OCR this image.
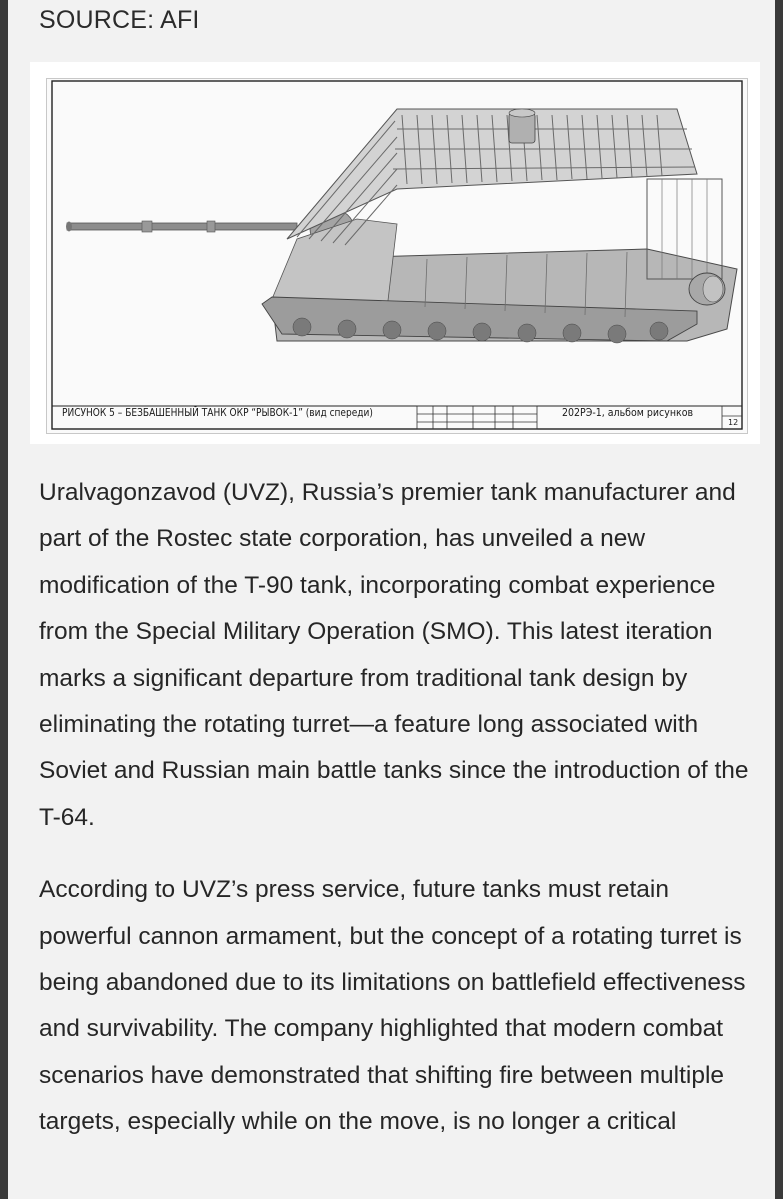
SOURCE: AFI
РИСУНОК 5 – БЕЗБАШЕННЫЙ ТАНК ОКР “РЫВОК-1” (вид спереди)	202РЭ-1, альбом рисунков
12

Uralvagonzavod (UVZ), Russia’s premier tank manufacturer and part of the Rostec state corporation, has unveiled a new modification of the T-90 tank, incorporating combat experience from the Special Military Operation (SMO). This latest iteration marks a significant departure from traditional tank design by eliminating the rotating turret—a feature long associated with Soviet and Russian main battle tanks since the introduction of the T-64.

According to UVZ’s press service, future tanks must retain powerful cannon armament, but the concept of a rotating turret is being abandoned due to its limitations on battlefield effectiveness and survivability. The company highlighted that modern combat scenarios have demonstrated that shifting fire between multiple targets, especially while on the move, is no longer a critical
